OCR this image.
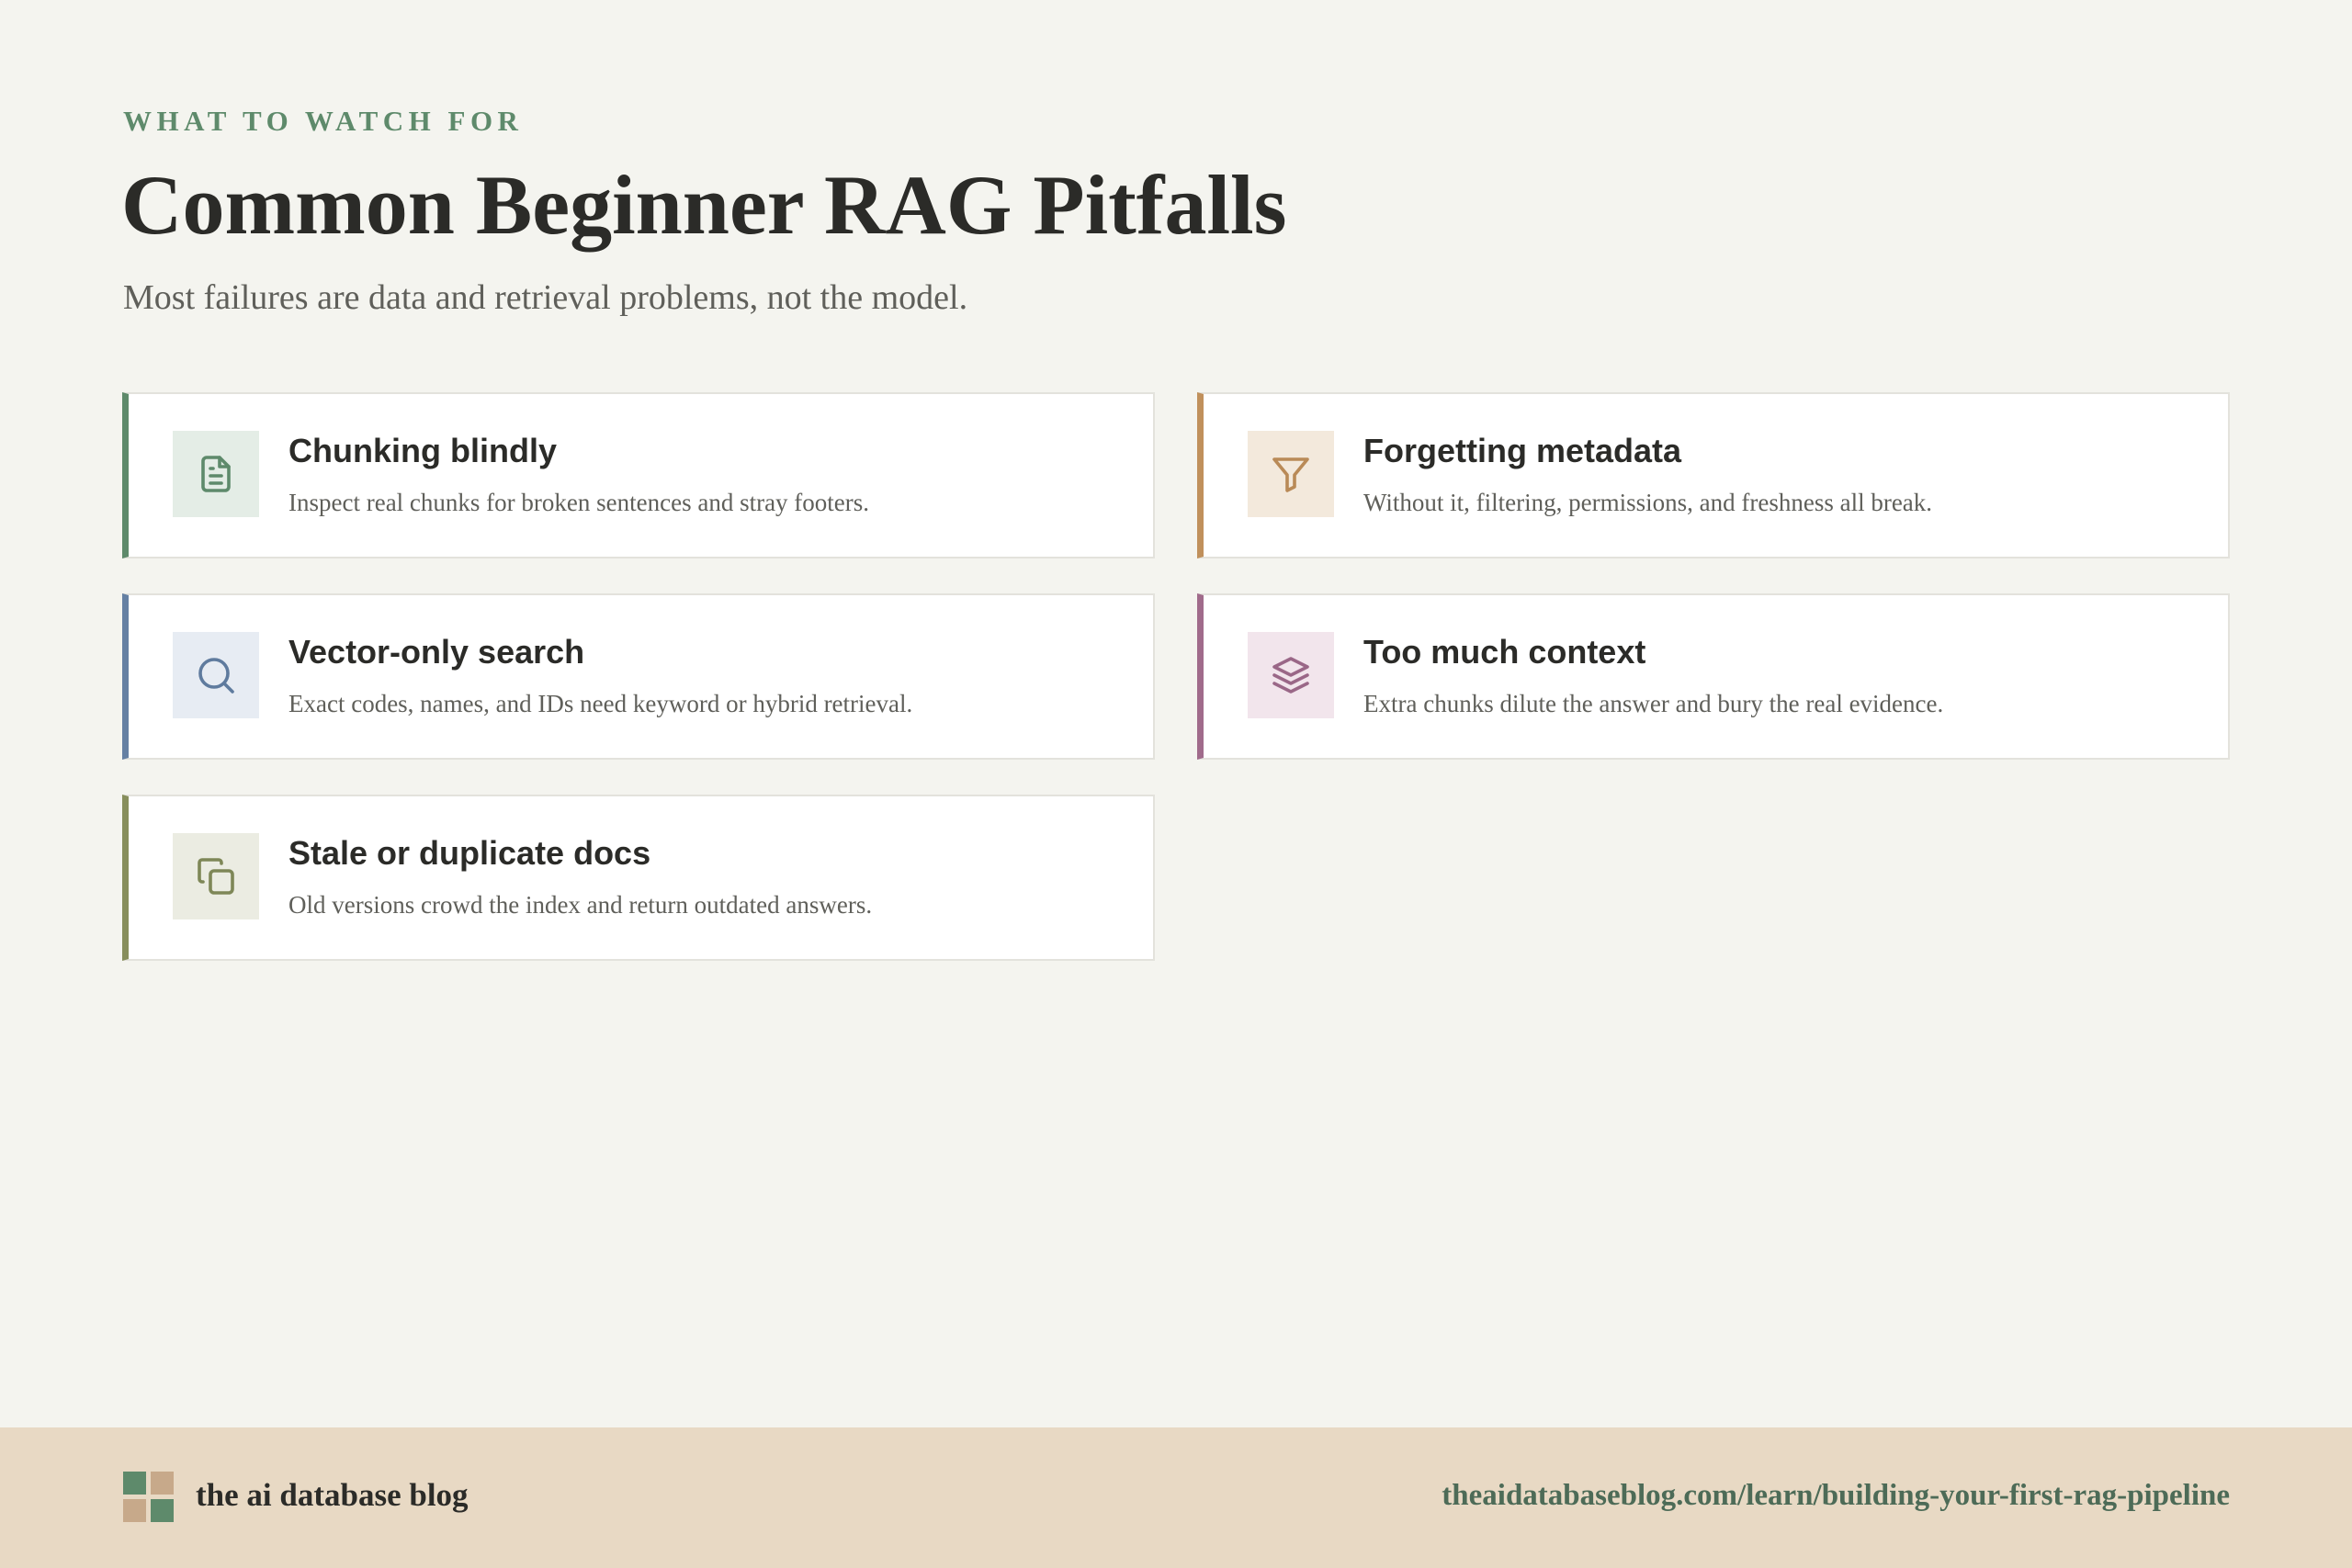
WHAT TO WATCH FOR
Common Beginner RAG Pitfalls
Most failures are data and retrieval problems, not the model.
Chunking blindly
Inspect real chunks for broken sentences and stray footers.
Forgetting metadata
Without it, filtering, permissions, and freshness all break.
Vector-only search
Exact codes, names, and IDs need keyword or hybrid retrieval.
Too much context
Extra chunks dilute the answer and bury the real evidence.
Stale or duplicate docs
Old versions crowd the index and return outdated answers.
the ai database blog	theaidatabaseblog.com/learn/building-your-first-rag-pipeline
